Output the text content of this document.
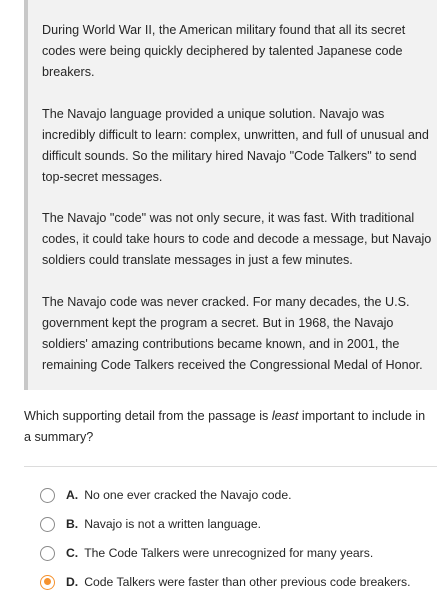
During World War II, the American military found that all its secret codes were being quickly deciphered by talented Japanese code breakers.

The Navajo language provided a unique solution. Navajo was incredibly difficult to learn: complex, unwritten, and full of unusual and difficult sounds. So the military hired Navajo "Code Talkers" to send top-secret messages.

The Navajo "code" was not only secure, it was fast. With traditional codes, it could take hours to code and decode a message, but Navajo soldiers could translate messages in just a few minutes.

The Navajo code was never cracked. For many decades, the U.S. government kept the program a secret. But in 1968, the Navajo soldiers' amazing contributions became known, and in 2001, the remaining Code Talkers received the Congressional Medal of Honor.

Which supporting detail from the passage is least important to include in a summary?

A. No one ever cracked the Navajo code.
B. Navajo is not a written language.
C. The Code Talkers were unrecognized for many years.
D. Code Talkers were faster than other previous code breakers.
